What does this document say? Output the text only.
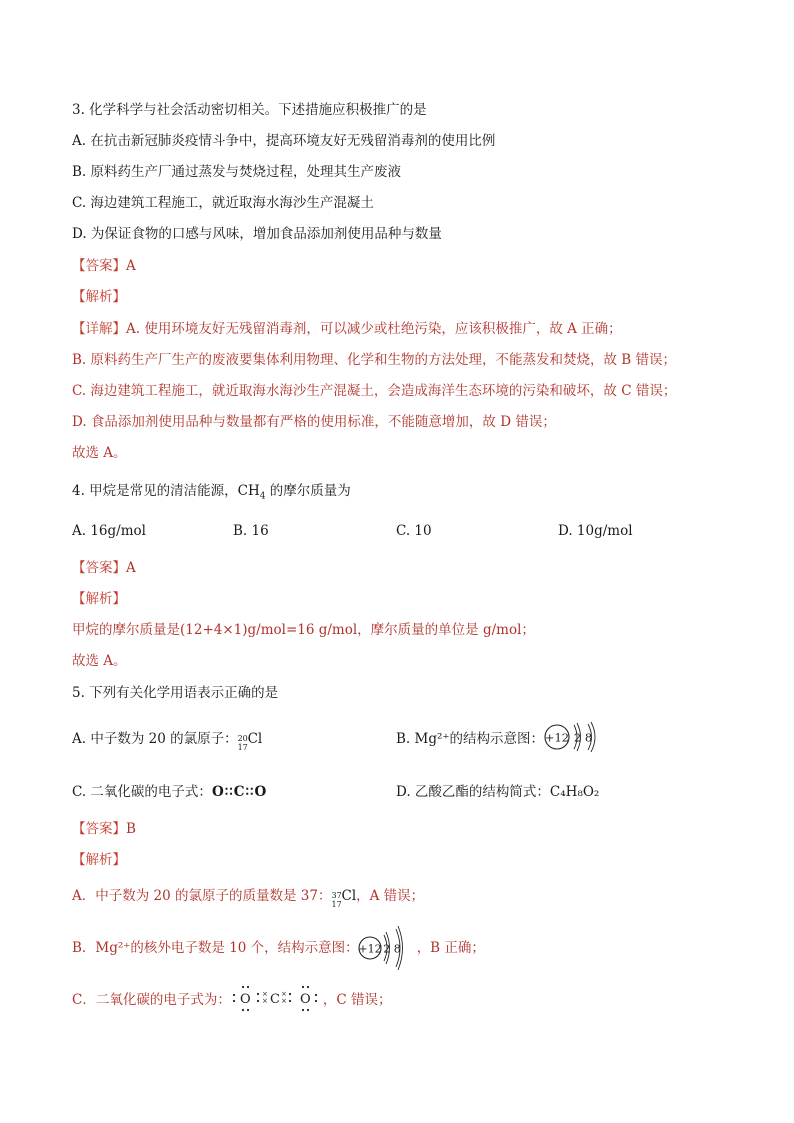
3. 化学科学与社会活动密切相关。下述措施应积极推广的是
A. 在抗击新冠肺炎疫情斗争中，提高环境友好无残留消毒剂的使用比例
B. 原料药生产厂通过蒸发与焚烧过程，处理其生产废液
C. 海边建筑工程施工，就近取海水海沙生产混凝土
D. 为保证食物的口感与风味，增加食品添加剂使用品种与数量
【答案】A
【解析】
【详解】A. 使用环境友好无残留消毒剂，可以减少或杜绝污染，应该积极推广，故 A 正确；
B. 原料药生产厂生产的废液要集体利用物理、化学和生物的方法处理，不能蒸发和焚烧，故 B 错误；
C. 海边建筑工程施工，就近取海水海沙生产混凝土，会造成海洋生态环境的污染和破坏，故 C 错误；
D. 食品添加剂使用品种与数量都有严格的使用标准，不能随意增加，故 D 错误；
故选 A。
4. 甲烷是常见的清洁能源，$CH_4$ 的摩尔质量为
A. 16g/mol	B. 16	C. 10	D. 10g/mol
【答案】A
【解析】
甲烷的摩尔质量是(12+4×1)g/mol=16 g/mol，摩尔质量的单位是 g/mol；
故选 A。
5. 下列有关化学用语表示正确的是
A. 中子数为 20 的氯原子： 20
17 Cl	B. Mg²⁺的结构示意图： +12 2 8
C. 二氧化碳的电子式：O∶∶C∶∶O	D. 乙酸乙酯的结构简式：C₄H₈O₂
【答案】B
【解析】
A．中子数为 20 的氯原子的质量数是 37： 37
17 Cl，A 错误；
B．Mg²⁺的核外电子数是 10 个，结构示意图：	，B 正确；
+12 2 8
C．二氧化碳的电子式为：	，C 错误；
O C O
×
×
×
×
